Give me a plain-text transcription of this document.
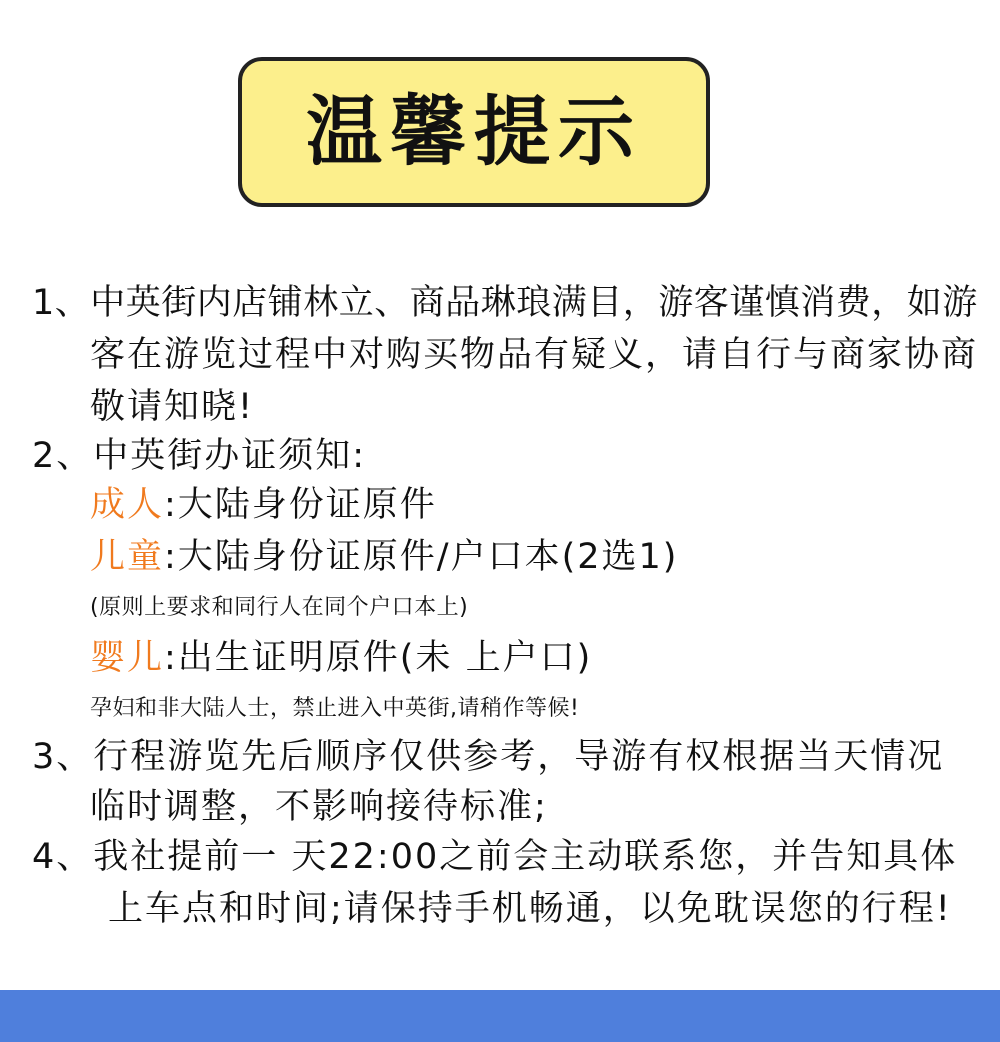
温馨提示
1、中英街内店铺林立、商品琳琅满目，游客谨慎消费，如游
客在游览过程中对购买物品有疑义，请自行与商家协商
敬请知晓!
2、中英街办证须知:
成人:大陆身份证原件
儿童:大陆身份证原件/户口本(2选1)
(原则上要求和同行人在同个户口本上)
婴儿:出生证明原件(未 上户口)
孕妇和非大陆人士，禁止进入中英街,请稍作等候!
3、行程游览先后顺序仅供参考，导游有权根据当天情况
临时调整，不影响接待标准;
4、我社提前一 天22:00之前会主动联系您，并告知具体
上车点和时间;请保持手机畅通，以免耽误您的行程!
